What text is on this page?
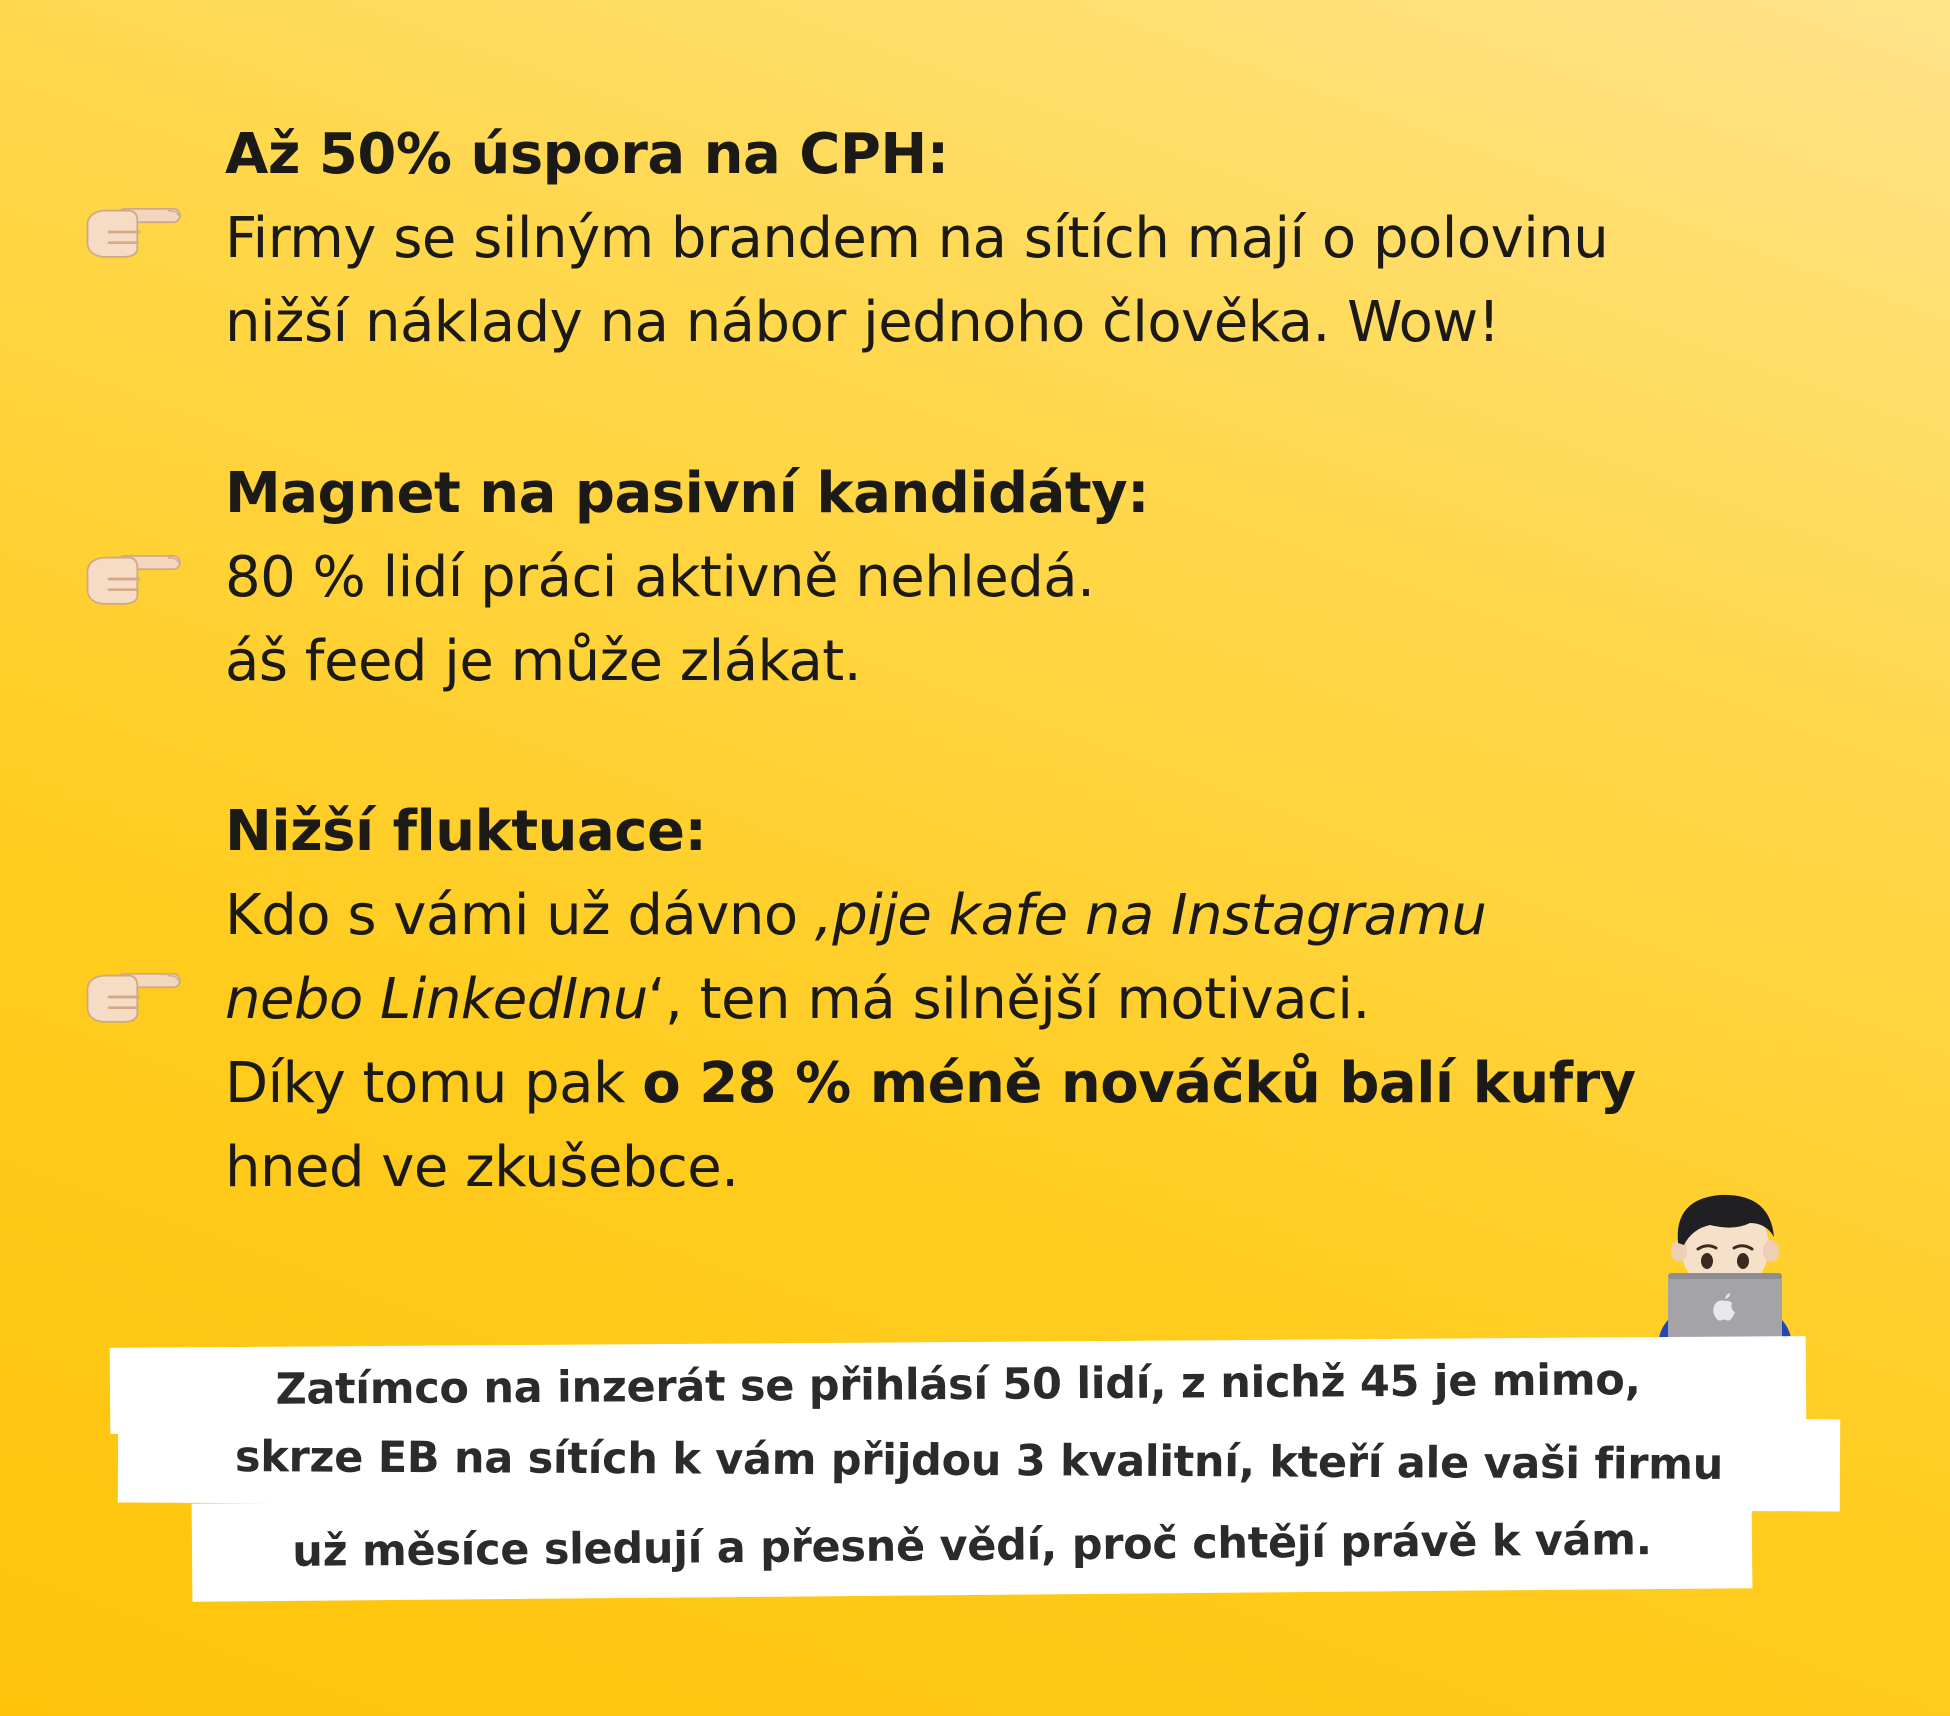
Až 50% úspora na CPH:
Firmy se silným brandem na sítích mají o polovinu
nižší náklady na nábor jednoho člověka. Wow!
Magnet na pasivní kandidáty:
80 % lidí práci aktivně nehledá.
áš feed je může zlákat.
Nižší fluktuace:
Kdo s vámi už dávno ‚pije kafe na Instagramu
nebo LinkedInu‘, ten má silnější motivaci.
Díky tomu pak o 28 % méně nováčků balí kufry
hned ve zkušebce.
Zatímco na inzerát se přihlásí 50 lidí, z nichž 45 je mimo,
skrze EB na sítích k vám přijdou 3 kvalitní, kteří ale vaši firmu
už měsíce sledují a přesně vědí, proč chtějí právě k vám.
